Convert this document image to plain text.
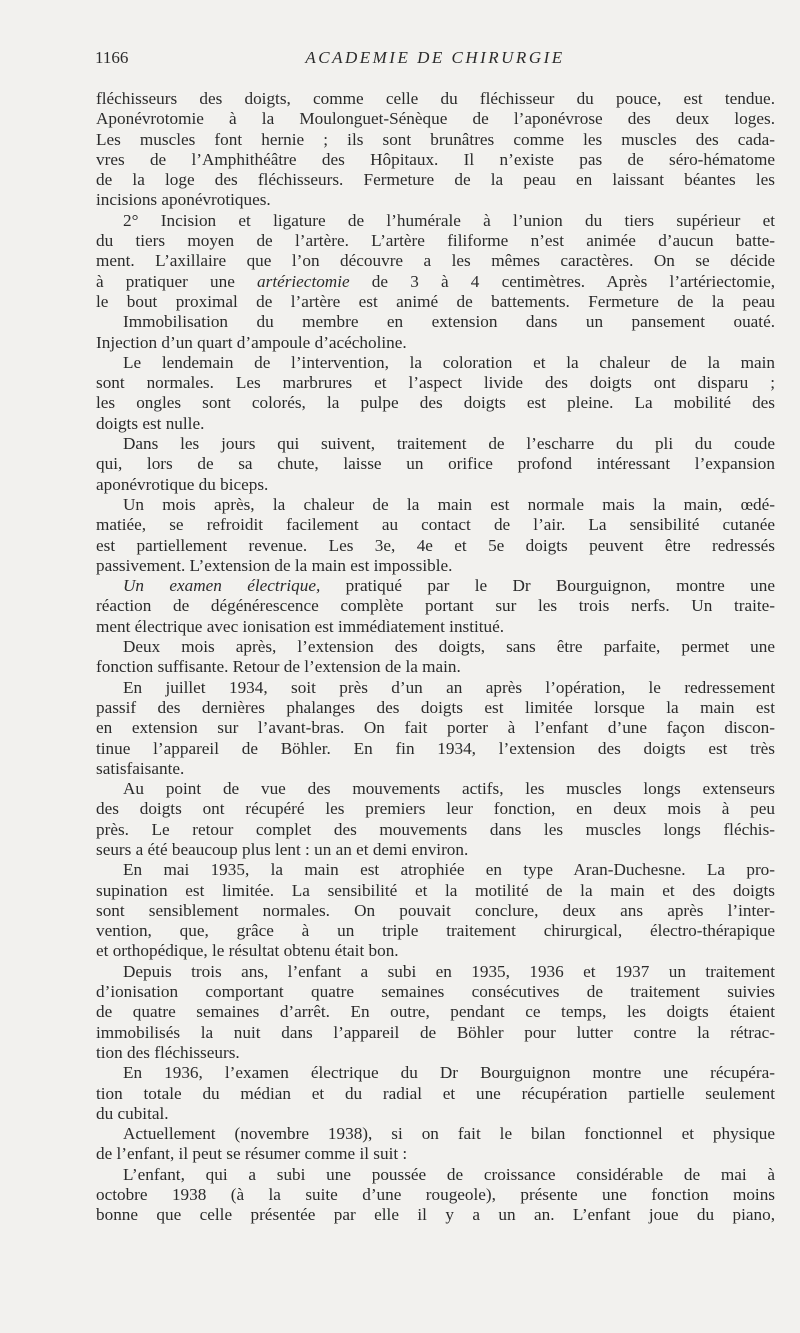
1166	ACADEMIE DE CHIRURGIE
fléchisseurs des doigts, comme celle du fléchisseur du pouce, est tendue.
Aponévrotomie à la Moulonguet-Sénèque de l’aponévrose des deux loges.
Les muscles font hernie ; ils sont brunâtres comme les muscles des cada-
vres de l’Amphithéâtre des Hôpitaux. Il n’existe pas de séro-hématome
de la loge des fléchisseurs. Fermeture de la peau en laissant béantes les
incisions aponévrotiques.
2° Incision et ligature de l’humérale à l’union du tiers supérieur et
du tiers moyen de l’artère. L’artère filiforme n’est animée d’aucun batte-
ment. L’axillaire que l’on découvre a les mêmes caractères. On se décide
à pratiquer une artériectomie de 3 à 4 centimètres. Après l’artériectomie,
le bout proximal de l’artère est animé de battements. Fermeture de la peau
Immobilisation du membre en extension dans un pansement ouaté.
Injection d’un quart d’ampoule d’acécholine.
Le lendemain de l’intervention, la coloration et la chaleur de la main
sont normales. Les marbrures et l’aspect livide des doigts ont disparu ;
les ongles sont colorés, la pulpe des doigts est pleine. La mobilité des
doigts est nulle.
Dans les jours qui suivent, traitement de l’escharre du pli du coude
qui, lors de sa chute, laisse un orifice profond intéressant l’expansion
aponévrotique du biceps.
Un mois après, la chaleur de la main est normale mais la main, œdé-
matiée, se refroidit facilement au contact de l’air. La sensibilité cutanée
est partiellement revenue. Les 3e, 4e et 5e doigts peuvent être redressés
passivement. L’extension de la main est impossible.
Un examen électrique, pratiqué par le Dr Bourguignon, montre une
réaction de dégénérescence complète portant sur les trois nerfs. Un traite-
ment électrique avec ionisation est immédiatement institué.
Deux mois après, l’extension des doigts, sans être parfaite, permet une
fonction suffisante. Retour de l’extension de la main.
En juillet 1934, soit près d’un an après l’opération, le redressement
passif des dernières phalanges des doigts est limitée lorsque la main est
en extension sur l’avant-bras. On fait porter à l’enfant d’une façon discon-
tinue l’appareil de Böhler. En fin 1934, l’extension des doigts est très
satisfaisante.
Au point de vue des mouvements actifs, les muscles longs extenseurs
des doigts ont récupéré les premiers leur fonction, en deux mois à peu
près. Le retour complet des mouvements dans les muscles longs fléchis-
seurs a été beaucoup plus lent : un an et demi environ.
En mai 1935, la main est atrophiée en type Aran-Duchesne. La pro-
supination est limitée. La sensibilité et la motilité de la main et des doigts
sont sensiblement normales. On pouvait conclure, deux ans après l’inter-
vention, que, grâce à un triple traitement chirurgical, électro-thérapique
et orthopédique, le résultat obtenu était bon.
Depuis trois ans, l’enfant a subi en 1935, 1936 et 1937 un traitement
d’ionisation comportant quatre semaines consécutives de traitement suivies
de quatre semaines d’arrêt. En outre, pendant ce temps, les doigts étaient
immobilisés la nuit dans l’appareil de Böhler pour lutter contre la rétrac-
tion des fléchisseurs.
En 1936, l’examen électrique du Dr Bourguignon montre une récupéra-
tion totale du médian et du radial et une récupération partielle seulement
du cubital.
Actuellement (novembre 1938), si on fait le bilan fonctionnel et physique
de l’enfant, il peut se résumer comme il suit :
L’enfant, qui a subi une poussée de croissance considérable de mai à
octobre 1938 (à la suite d’une rougeole), présente une fonction moins
bonne que celle présentée par elle il y a un an. L’enfant joue du piano,
